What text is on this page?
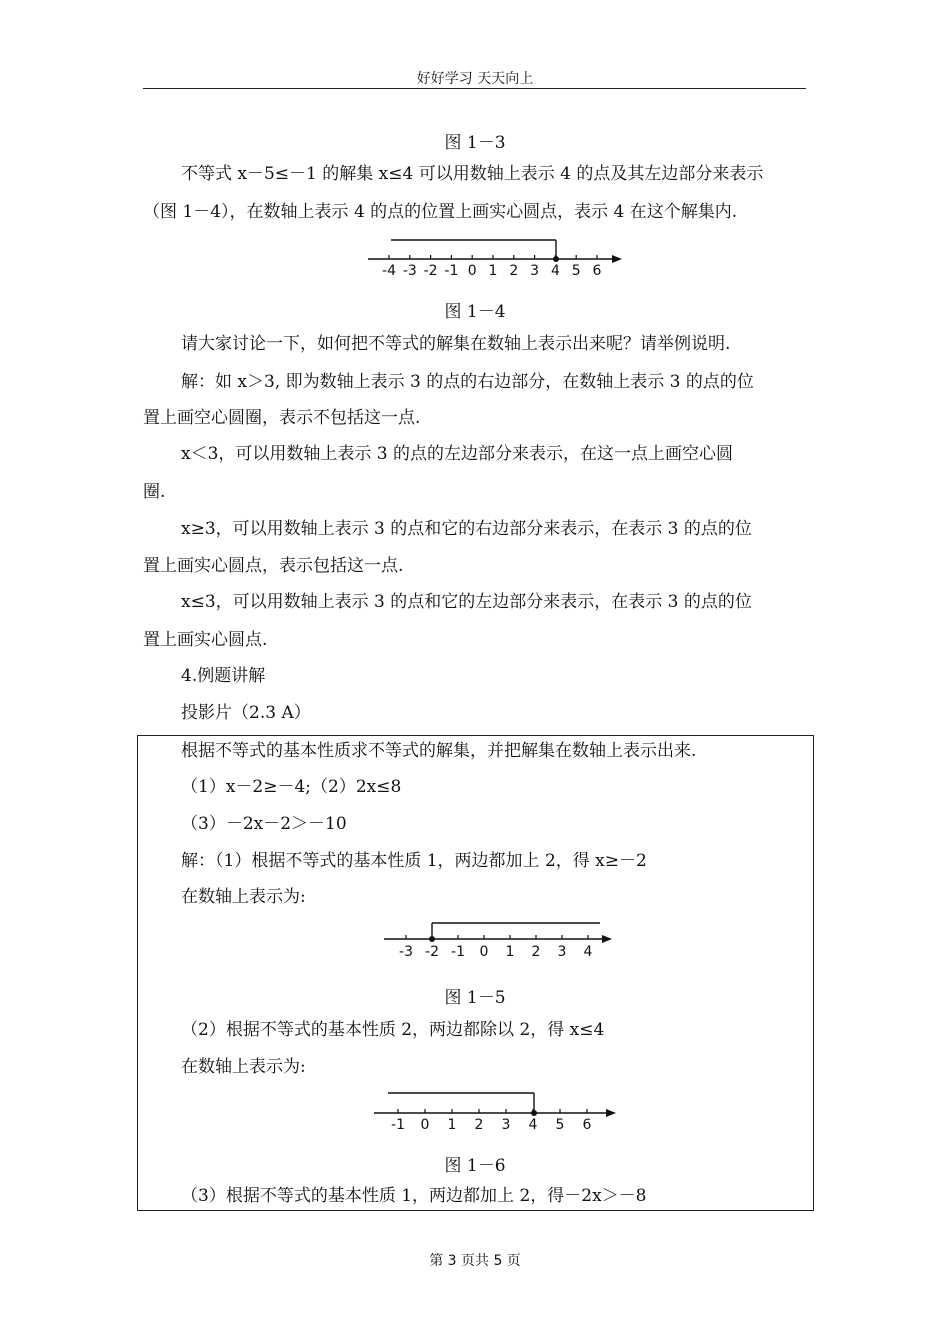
好好学习 天天向上
图 1－3
不等式 x－5≤－1 的解集 x≤4 可以用数轴上表示 4 的点及其左边部分来表示
（图 1－4），在数轴上表示 4 的点的位置上画实心圆点，表示 4 在这个解集内.
-4 -3 -2 -1 0 1 2 3 4 5 6
图 1－4
请大家讨论一下，如何把不等式的解集在数轴上表示出来呢？请举例说明.
解：如 x＞3, 即为数轴上表示 3 的点的右边部分，在数轴上表示 3 的点的位
置上画空心圆圈，表示不包括这一点.
x＜3，可以用数轴上表示 3 的点的左边部分来表示，在这一点上画空心圆
圈.
x≥3，可以用数轴上表示 3 的点和它的右边部分来表示，在表示 3 的点的位
置上画实心圆点，表示包括这一点.
x≤3，可以用数轴上表示 3 的点和它的左边部分来表示，在表示 3 的点的位
置上画实心圆点.
4.例题讲解
投影片（2.3 A）
根据不等式的基本性质求不等式的解集，并把解集在数轴上表示出来.
（1）x－2≥－4;（2）2x≤8
（3）－2x－2＞－10
解：（1）根据不等式的基本性质 1，两边都加上 2，得 x≥－2
在数轴上表示为:
-3 -2 -1 0 1 2 3 4
图 1－5
（2）根据不等式的基本性质 2，两边都除以 2，得 x≤4
在数轴上表示为:
-1 0 1 2 3 4 5 6
图 1－6
（3）根据不等式的基本性质 1，两边都加上 2，得－2x＞－8
第 3 页共 5 页
